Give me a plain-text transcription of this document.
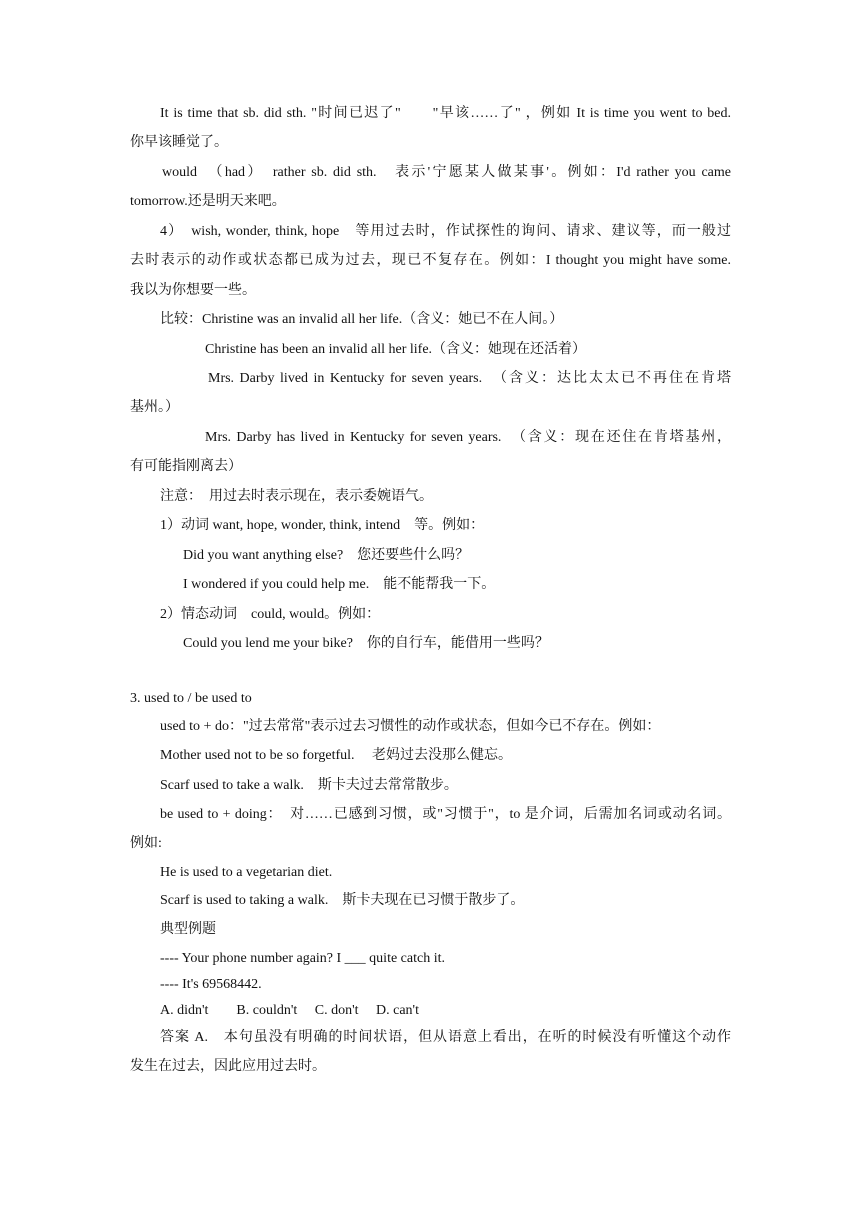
It is time that sb. did sth. "时间已迟了"　　"早该……了" ，例如 It is time you went to bed.
你早该睡觉了。
would　（had）　rather sb. did sth.　表示'宁愿某人做某事'。例如：I'd rather you came
tomorrow.还是明天来吧。
4）　wish, wonder, think, hope　等用过去时，作试探性的询问、请求、建议等，而一般过
去时表示的动作或状态都已成为过去，现已不复存在。例如：I thought you might have some.
我以为你想要一些。
比较：Christine was an invalid all her life.（含义：她已不在人间。）
Christine has been an invalid all her life.（含义：她现在还活着）
Mrs. Darby lived in Kentucky for seven years.　（含义：达比太太已不再住在肯塔
基州。）
Mrs. Darby has lived in Kentucky for seven years.　（含义：现在还住在肯塔基州，
有可能指刚离去）
注意：　用过去时表示现在，表示委婉语气。
1）动词 want, hope, wonder, think, intend　等。例如：
Did you want anything else?　您还要些什么吗？
I wondered if you could help me.　能不能帮我一下。
2）情态动词　could, would。例如：
Could you lend me your bike?　你的自行车，能借用一些吗？
3. used to / be used to
used to + do："过去常常"表示过去习惯性的动作或状态，但如今已不存在。例如：
Mother used not to be so forgetful.　 老妈过去没那么健忘。
Scarf used to take a walk.　斯卡夫过去常常散步。
be used to + doing：　对……已感到习惯，或"习惯于"，to 是介词，后需加名词或动名词。
例如:
He is used to a vegetarian diet.
Scarf is used to taking a walk.　斯卡夫现在已习惯于散步了。
典型例题
---- Your phone number again? I ___ quite catch it.
---- It's 69568442.
A. didn't　　B. couldn't　 C. don't　 D. can't
答案 A.　本句虽没有明确的时间状语，但从语意上看出，在听的时候没有听懂这个动作
发生在过去，因此应用过去时。
